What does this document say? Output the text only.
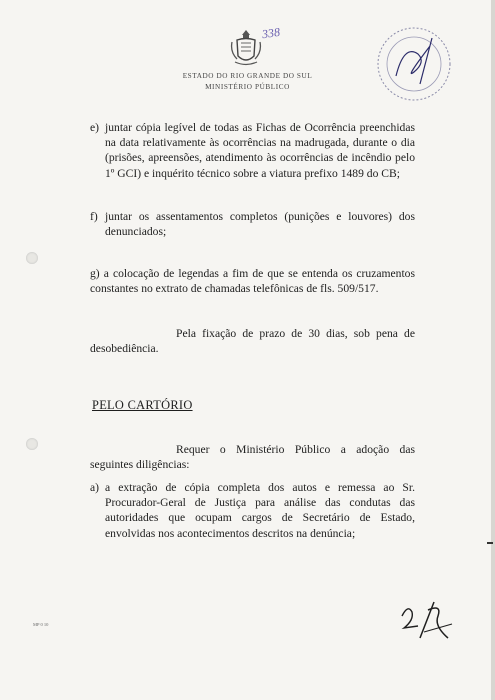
338
ESTADO DO RIO GRANDE DO SUL
MINISTÉRIO PÚBLICO
e) juntar cópia legível de todas as Fichas de Ocorrência preenchidas na data relativamente às ocorrências na madrugada, durante o dia (prisões, apreensões, atendimento às ocorrências de incêndio pelo 1º GCI) e inquérito técnico sobre a viatura prefixo 1489 do CB;

f) juntar os assentamentos completos (punições e louvores) dos denunciados;

g) a colocação de legendas a fim de que se entenda os cruzamentos constantes no extrato de chamadas telefônicas de fls. 509/517.

Pela fixação de prazo de 30 dias, sob pena de desobediência.

PELO CARTÓRIO

Requer o Ministério Público a adoção das seguintes diligências:

a) a extração de cópia completa dos autos e remessa ao Sr. Procurador-Geral de Justiça para análise das condutas das autoridades que ocupam cargos de Secretário de Estado, envolvidas nos acontecimentos descritos na denúncia;

MP 0 10
